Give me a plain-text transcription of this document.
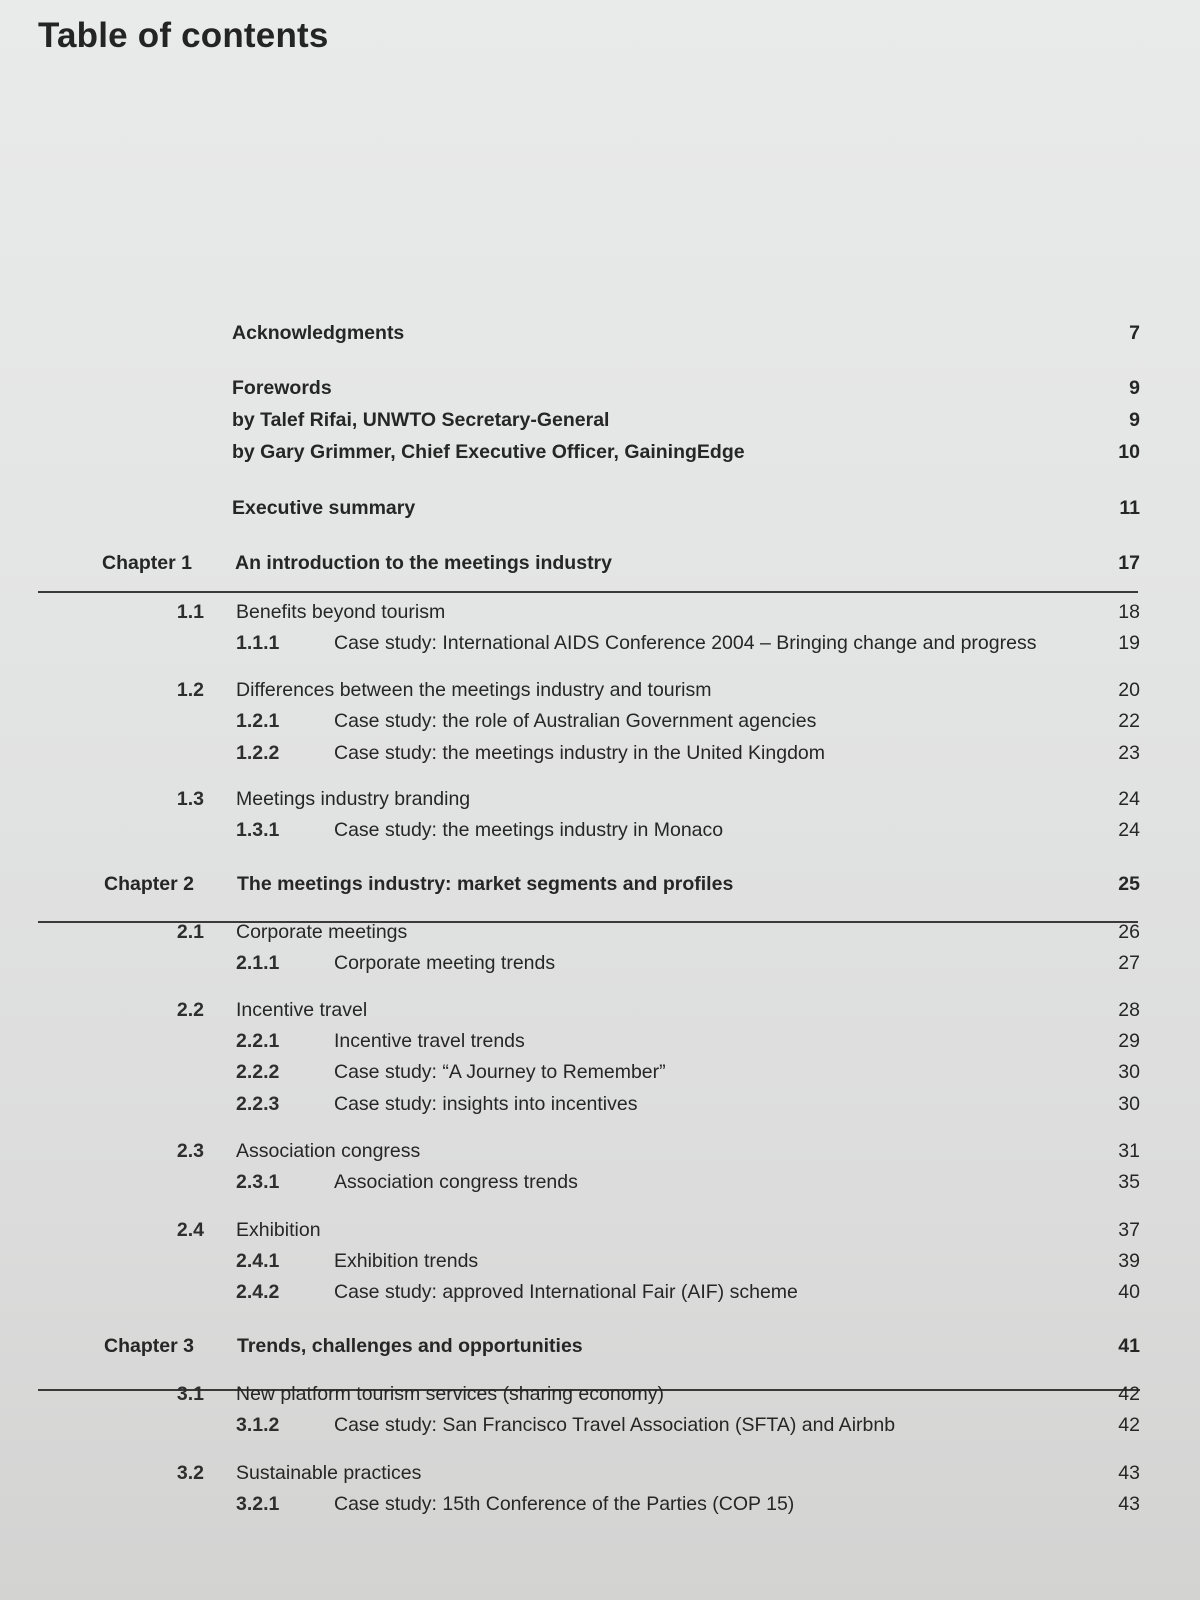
Table of contents
Acknowledgments	7
Forewords	9
by Talef Rifai, UNWTO Secretary-General	9
by Gary Grimmer, Chief Executive Officer, GainingEdge	10
Executive summary	11
Chapter 1 An introduction to the meetings industry	17
1.1 Benefits beyond tourism	18
1.1.1	Case study: International AIDS Conference 2004 – Bringing change and progress	19
1.2 Differences between the meetings industry and tourism	20
1.2.1	Case study: the role of Australian Government agencies	22
1.2.2	Case study: the meetings industry in the United Kingdom	23
1.3 Meetings industry branding	24
1.3.1	Case study: the meetings industry in Monaco	24
Chapter 2 The meetings industry: market segments and profiles	25
2.1 Corporate meetings	26
2.1.1	Corporate meeting trends	27
2.2 Incentive travel	28
2.2.1	Incentive travel trends	29
2.2.2	Case study: “A Journey to Remember”	30
2.2.3	Case study: insights into incentives	30
2.3 Association congress	31
2.3.1	Association congress trends	35
2.4 Exhibition	37
2.4.1	Exhibition trends	39
2.4.2	Case study: approved International Fair (AIF) scheme	40
Chapter 3 Trends, challenges and opportunities	41
3.1 New platform tourism services (sharing economy)	42
3.1.2	Case study: San Francisco Travel Association (SFTA) and Airbnb	42
3.2 Sustainable practices	43
3.2.1	Case study: 15th Conference of the Parties (COP 15)	43
